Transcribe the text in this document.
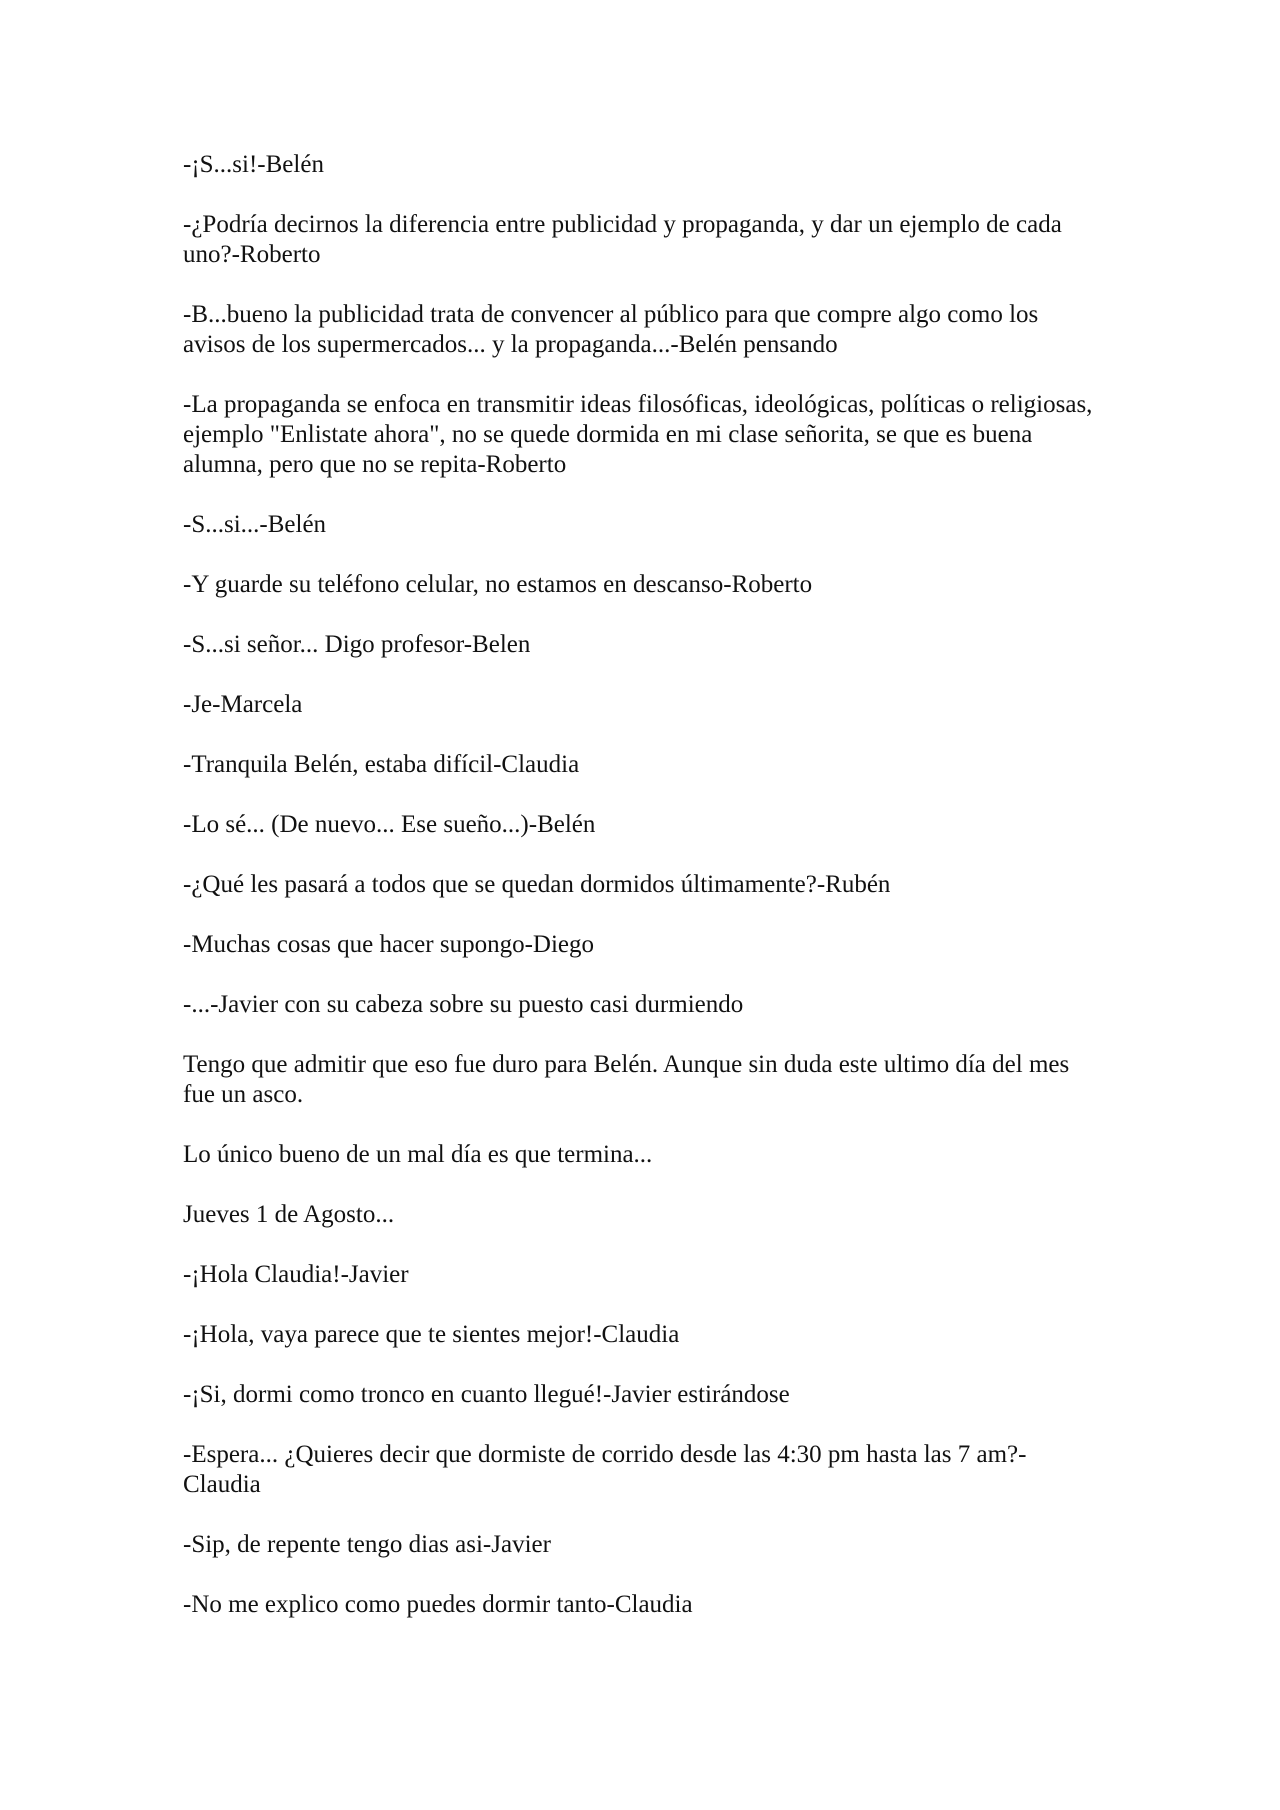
-¡S...si!-Belén

-¿Podría decirnos la diferencia entre publicidad y propaganda, y dar un ejemplo de cada uno?-Roberto

-B...bueno la publicidad trata de convencer al público para que compre algo como los avisos de los supermercados... y la propaganda...-Belén pensando

-La propaganda se enfoca en transmitir ideas filosóficas, ideológicas, políticas o religiosas, ejemplo "Enlistate ahora", no se quede dormida en mi clase señorita, se que es buena alumna, pero que no se repita-Roberto

-S...si...-Belén

-Y guarde su teléfono celular, no estamos en descanso-Roberto

-S...si señor... Digo profesor-Belen

-Je-Marcela

-Tranquila Belén, estaba difícil-Claudia

-Lo sé... (De nuevo... Ese sueño...)-Belén

-¿Qué les pasará a todos que se quedan dormidos últimamente?-Rubén

-Muchas cosas que hacer supongo-Diego

-...-Javier con su cabeza sobre su puesto casi durmiendo

Tengo que admitir que eso fue duro para Belén. Aunque sin duda este ultimo día del mes fue un asco.

Lo único bueno de un mal día es que termina...

Jueves 1 de Agosto...

-¡Hola Claudia!-Javier

-¡Hola, vaya parece que te sientes mejor!-Claudia

-¡Si, dormi como tronco en cuanto llegué!-Javier estirándose

-Espera... ¿Quieres decir que dormiste de corrido desde las 4:30 pm hasta las 7 am?-Claudia

-Sip, de repente tengo dias asi-Javier

-No me explico como puedes dormir tanto-Claudia
